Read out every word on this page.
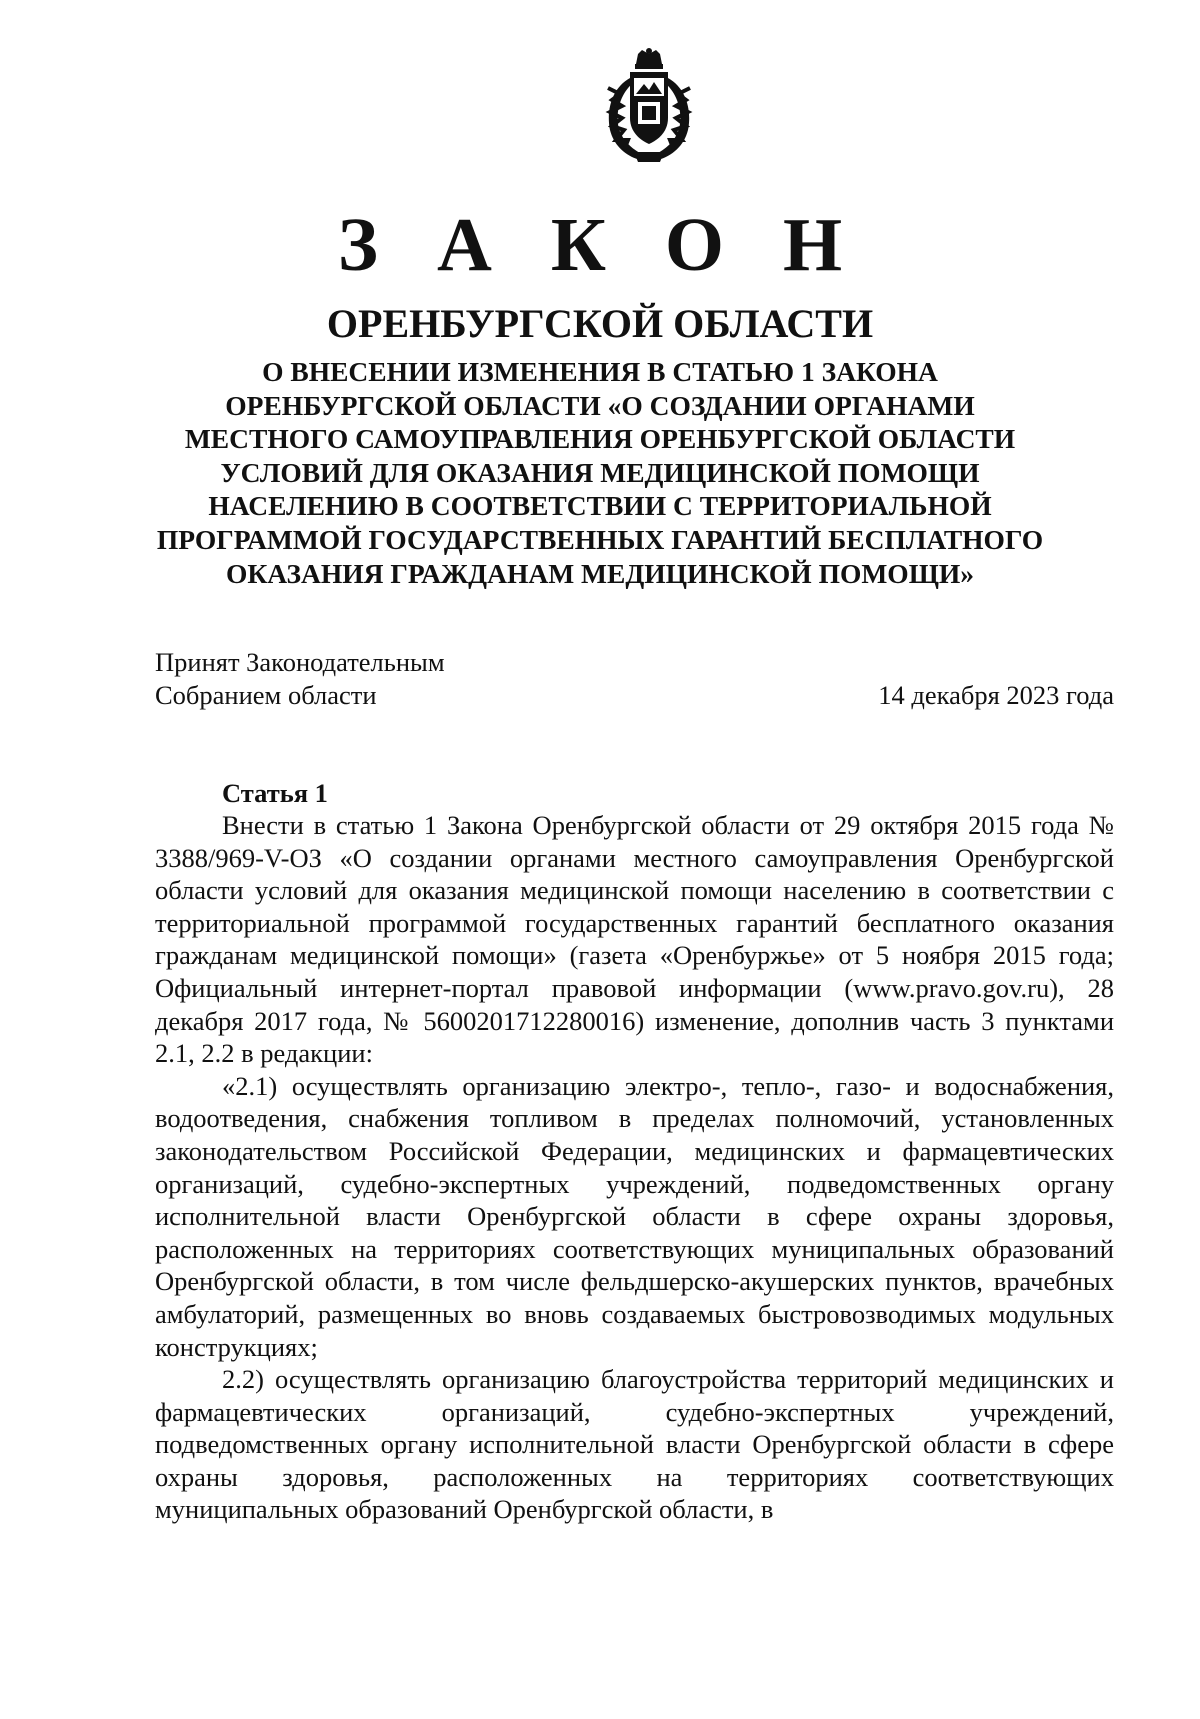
З А К О Н
ОРЕНБУРГСКОЙ ОБЛАСТИ
О ВНЕСЕНИИ ИЗМЕНЕНИЯ В СТАТЬЮ 1 ЗАКОНА
ОРЕНБУРГСКОЙ ОБЛАСТИ «О СОЗДАНИИ ОРГАНАМИ
МЕСТНОГО САМОУПРАВЛЕНИЯ ОРЕНБУРГСКОЙ ОБЛАСТИ
УСЛОВИЙ ДЛЯ ОКАЗАНИЯ МЕДИЦИНСКОЙ ПОМОЩИ
НАСЕЛЕНИЮ В СООТВЕТСТВИИ С ТЕРРИТОРИАЛЬНОЙ
ПРОГРАММОЙ ГОСУДАРСТВЕННЫХ ГАРАНТИЙ БЕСПЛАТНОГО
ОКАЗАНИЯ ГРАЖДАНАМ МЕДИЦИНСКОЙ ПОМОЩИ»
Принят Законодательным
Собранием области	14 декабря 2023 года
Статья 1

Внести в статью 1 Закона Оренбургской области от 29 октября 2015 года № 3388/969-V-ОЗ «О создании органами местного самоуправления Оренбургской области условий для оказания медицинской помощи населению в соответствии с территориальной программой государственных гарантий бесплатного оказания гражданам медицинской помощи» (газета «Оренбуржье» от 5 ноября 2015 года; Официальный интернет-портал правовой информации (www.pravo.gov.ru), 28 декабря 2017 года, № 5600201712280016) изменение, дополнив часть 3 пунктами 2.1, 2.2 в редакции:

«2.1) осуществлять организацию электро-, тепло-, газо- и водоснабжения, водоотведения, снабжения топливом в пределах полномочий, установленных законодательством Российской Федерации, медицинских и фармацевтических организаций, судебно-экспертных учреждений, подведомственных органу исполнительной власти Оренбургской области в сфере охраны здоровья, расположенных на территориях соответствующих муниципальных образований Оренбургской области, в том числе фельдшерско-акушерских пунктов, врачебных амбулаторий, размещенных во вновь создаваемых быстровозводимых модульных конструкциях;

2.2) осуществлять организацию благоустройства территорий медицинских и фармацевтических организаций, судебно-экспертных учреждений, подведомственных органу исполнительной власти Оренбургской области в сфере охраны здоровья, расположенных на территориях соответствующих муниципальных образований Оренбургской области, в
